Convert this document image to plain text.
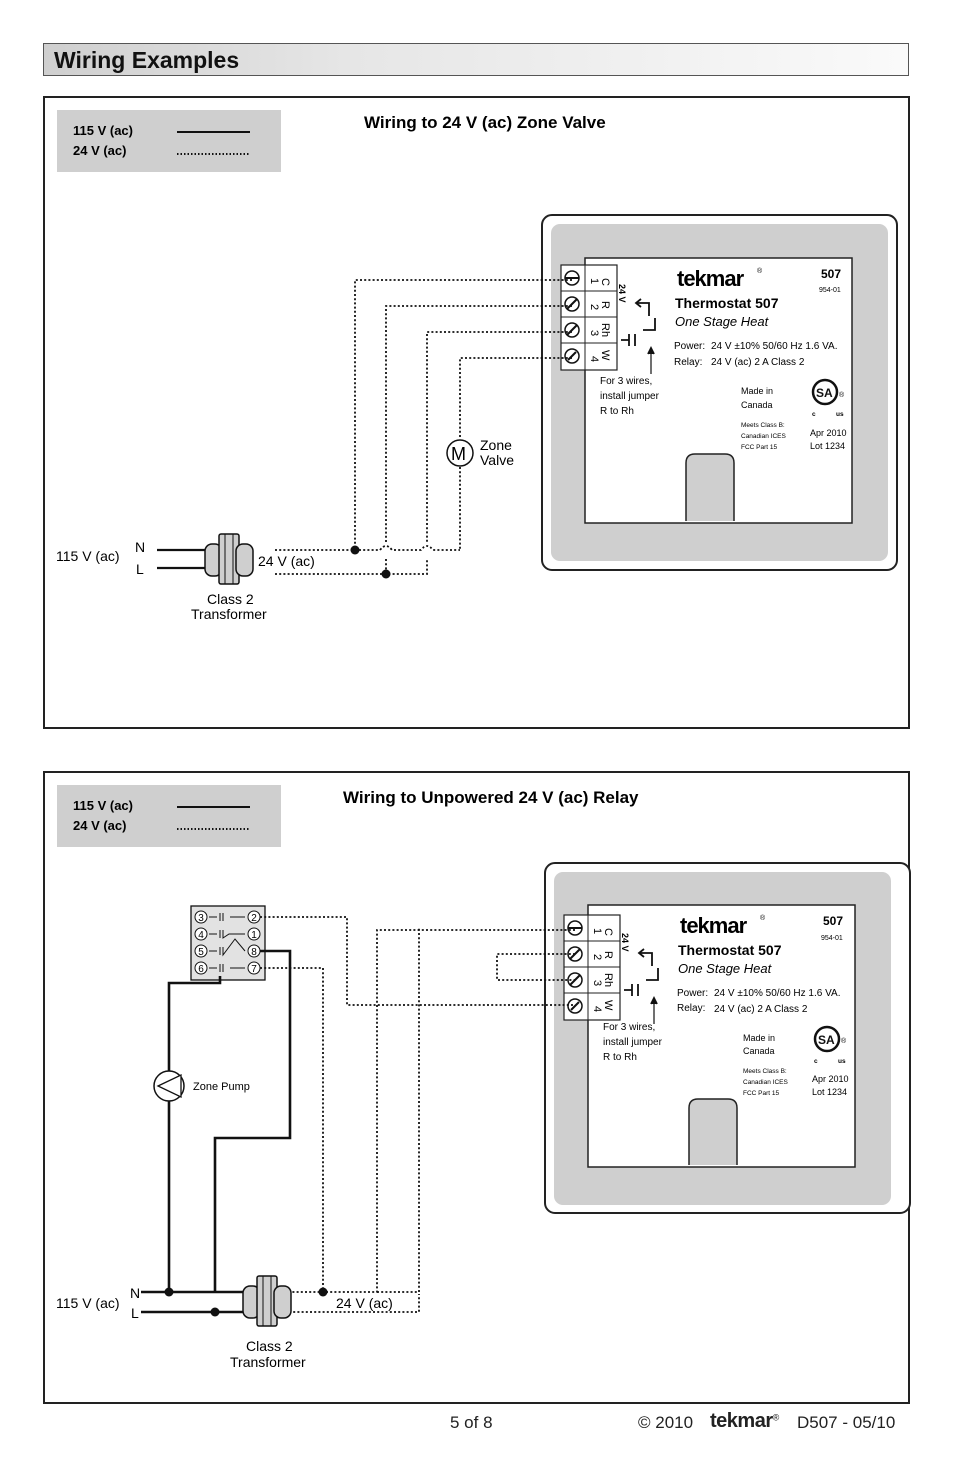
Wiring Examples
115 V (ac)
24 V (ac)
Wiring to 24 V (ac) Zone Valve
1
2
3
4
C
R
Rh
W
24 V
tekmar ®	507
954-01
Thermostat 507
One Stage Heat
Power: 24 V ±10% 50/60 Hz 1.6 VA.
Relay: 24 V (ac) 2 A Class 2
For 3 wires,
install jumper
R to Rh
Made in
Canada
Meets Class B:
Canadian ICES
FCC Part 15
Apr 2010
Lot 1234
SA ®
c	us
M Zone
Valve
115 V (ac)
N
L	24 V (ac)
Class 2
Transformer
115 V (ac)
24 V (ac)
Wiring to Unpowered 24 V (ac) Relay
1
2
3
4
C
R
Rh
W
24 V
tekmar ®	507
954-01
Thermostat 507
One Stage Heat
Power: 24 V ±10% 50/60 Hz 1.6 VA.
Relay: 24 V (ac) 2 A Class 2
For 3 wires,
install jumper
R to Rh
Made in
Canada
Meets Class B:
Canadian ICES
FCC Part 15
Apr 2010
Lot 1234
SA ®
c	us
3
4
5
6
2
1
8
7
Zone Pump
115 V (ac)
N
L
24 V (ac)
Class 2
Transformer
5 of 8	© 2010 tekmar® D507 - 05/10
